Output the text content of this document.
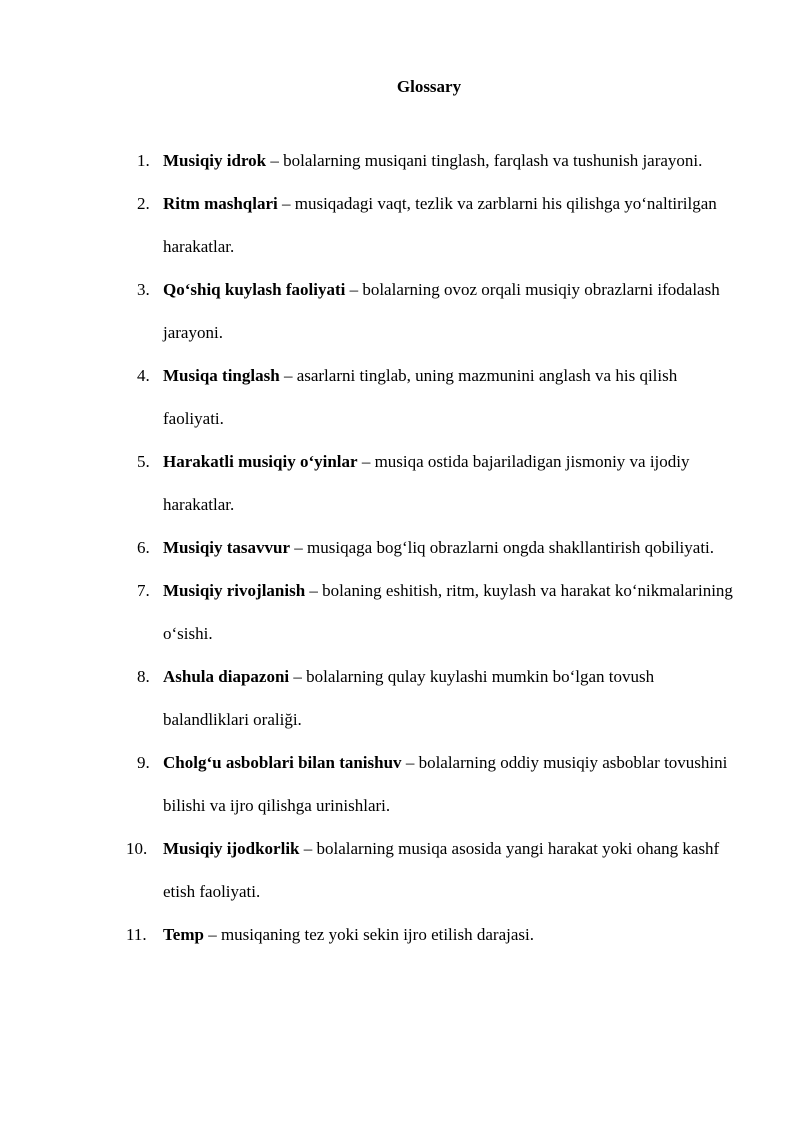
Glossary
1. Musiqiy idrok – bolalarning musiqani tinglash, farqlash va tushunish jarayoni.
2. Ritm mashqlari – musiqadagi vaqt, tezlik va zarblarni his qilishga yo‘naltirilgan harakatlar.
3. Qo‘shiq kuylash faoliyati – bolalarning ovoz orqali musiqiy obrazlarni ifodalash jarayoni.
4. Musiqa tinglash – asarlarni tinglab, uning mazmunini anglash va his qilish faoliyati.
5. Harakatli musiqiy o‘yinlar – musiqa ostida bajariladigan jismoniy va ijodiy harakatlar.
6. Musiqiy tasavvur – musiqaga bog‘liq obrazlarni ongda shakllantirish qobiliyati.
7. Musiqiy rivojlanish – bolaning eshitish, ritm, kuylash va harakat ko‘nikmalarining o‘sishi.
8. Ashula diapazoni – bolalarning qulay kuylashi mumkin bo‘lgan tovush balandliklari oraliği.
9. Cholg‘u asboblari bilan tanishuv – bolalarning oddiy musiqiy asboblar tovushini bilishi va ijro qilishga urinishlari.
10. Musiqiy ijodkorlik – bolalarning musiqa asosida yangi harakat yoki ohang kashf etish faoliyati.
11. Temp – musiqaning tez yoki sekin ijro etilish darajasi.
